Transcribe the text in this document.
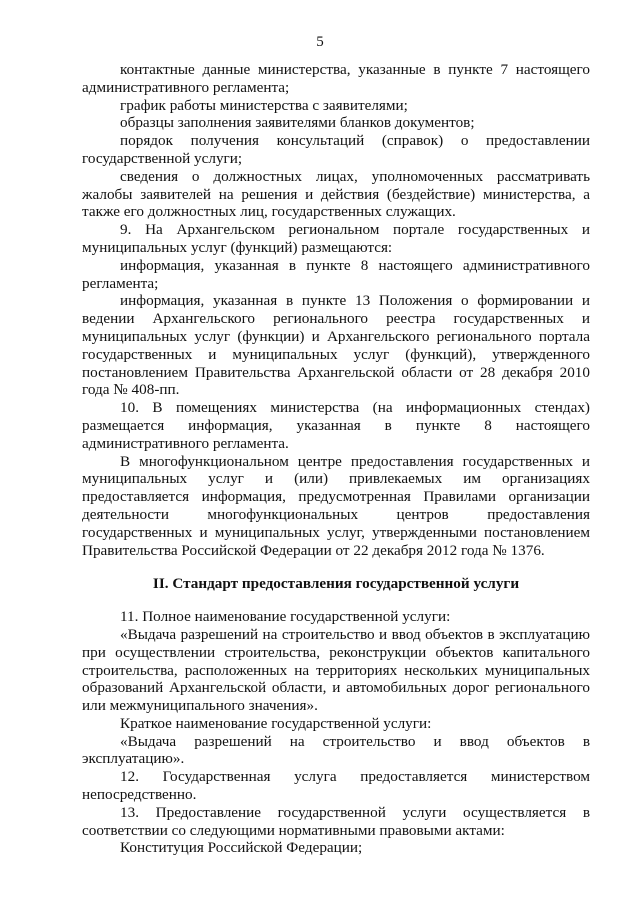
5

контактные данные министерства, указанные в пункте 7 настоящего административного регламента;

график работы министерства с заявителями;

образцы заполнения заявителями бланков документов;

порядок получения консультаций (справок) о предоставлении государственной услуги;

сведения о должностных лицах, уполномоченных рассматривать жалобы заявителей на решения и действия (бездействие) министерства, а также его должностных лиц, государственных служащих.

9. На Архангельском региональном портале государственных и муниципальных услуг (функций) размещаются:

информация, указанная в пункте 8 настоящего административного регламента;

информация, указанная в пункте 13 Положения о формировании и ведении Архангельского регионального реестра государственных и муниципальных услуг (функции) и Архангельского регионального портала государственных и муниципальных услуг (функций), утвержденного постановлением Правительства Архангельской области от 28 декабря 2010 года № 408-пп.

10. В помещениях министерства (на информационных стендах) размещается информация, указанная в пункте 8 настоящего административного регламента.

В многофункциональном центре предоставления государственных и муниципальных услуг и (или) привлекаемых им организациях предоставляется информация, предусмотренная Правилами организации деятельности многофункциональных центров предоставления государственных и муниципальных услуг, утвержденными постановлением Правительства Российской Федерации от 22 декабря 2012 года № 1376.

II. Стандарт предоставления государственной услуги

11. Полное наименование государственной услуги:

«Выдача разрешений на строительство и ввод объектов в эксплуатацию при осуществлении строительства, реконструкции объектов капитального строительства, расположенных на территориях нескольких муниципальных образований Архангельской области, и автомобильных дорог регионального или межмуниципального значения».

Краткое наименование государственной услуги:

«Выдача разрешений на строительство и ввод объектов в эксплуатацию».

12. Государственная услуга предоставляется министерством непосредственно.

13. Предоставление государственной услуги осуществляется в соответствии со следующими нормативными правовыми актами:

Конституция Российской Федерации;
